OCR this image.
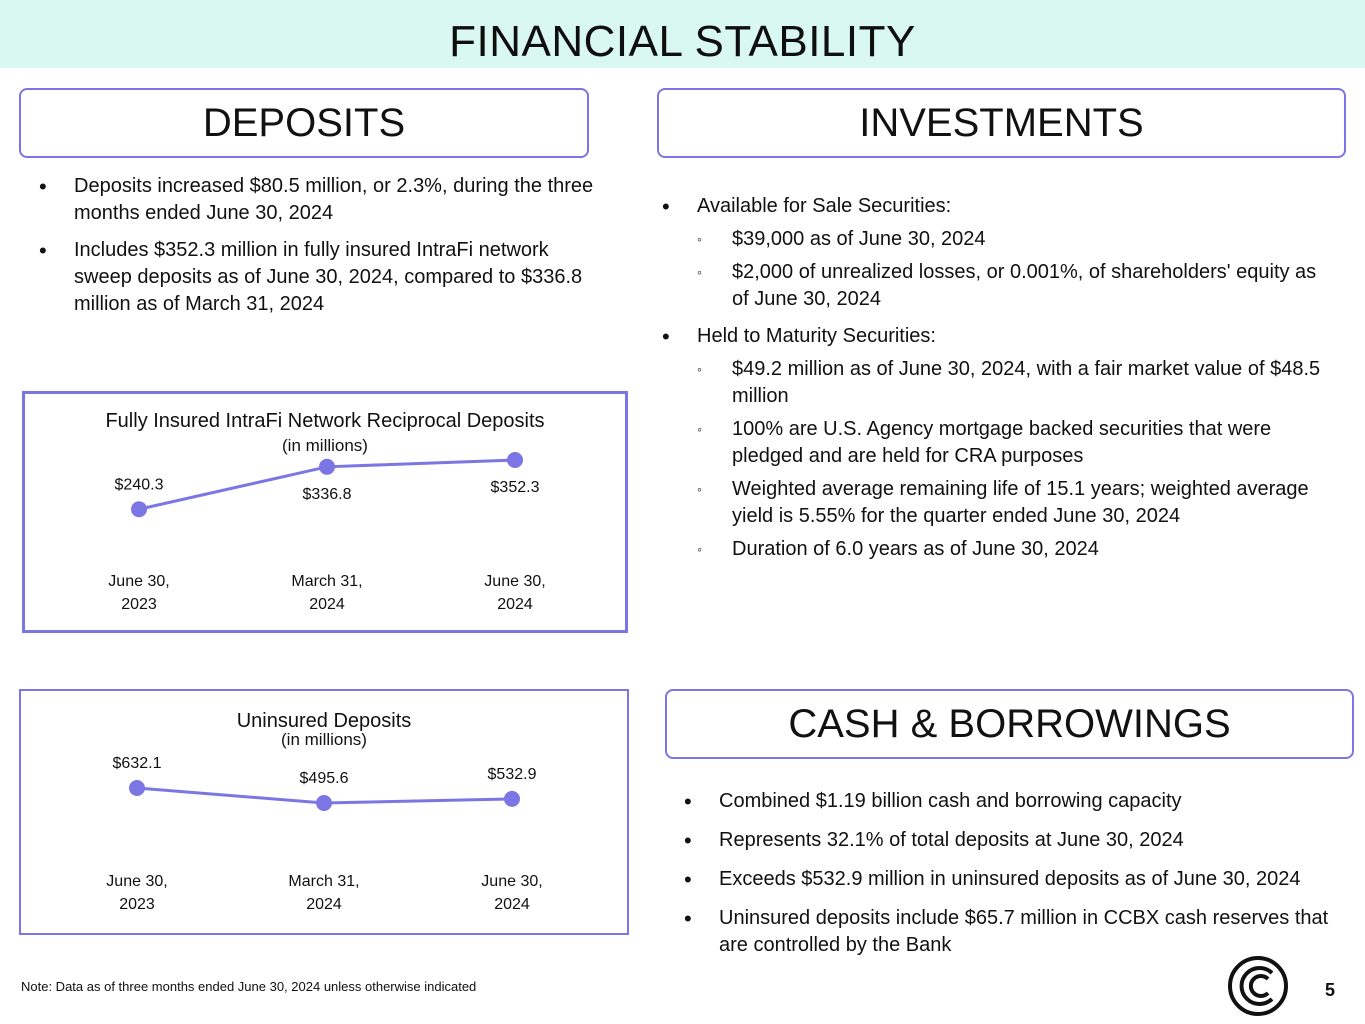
FINANCIAL STABILITY
DEPOSITS
• Deposits increased $80.5 million, or 2.3%, during the three months ended June 30, 2024
• Includes $352.3 million in fully insured IntraFi network sweep deposits as of June 30, 2024, compared to $336.8 million as of March 31, 2024
INVESTMENTS
• Available for Sale Securities:
◦ $39,000 as of June 30, 2024
◦ $2,000 of unrealized losses, or 0.001%, of shareholders' equity as of June 30, 2024
• Held to Maturity Securities:
◦ $49.2 million as of June 30, 2024, with a fair market value of $48.5 million
◦ 100% are U.S. Agency mortgage backed securities that were pledged and are held for CRA purposes
◦ Weighted average remaining life of 15.1 years; weighted average yield is 5.55% for the quarter ended June 30, 2024
◦ Duration of 6.0 years as of June 30, 2024
Fully Insured IntraFi Network Reciprocal Deposits
(in millions)
$240.3
June 30,
2023
$336.8
March 31,
2024
$352.3
June 30,
2024
Uninsured Deposits
(in millions)
$632.1
June 30,
2023
$495.6
March 31,
2024
$532.9
June 30,
2024
CASH & BORROWINGS
• Combined $1.19 billion cash and borrowing capacity
• Represents 32.1% of total deposits at June 30, 2024
• Exceeds $532.9 million in uninsured deposits as of June 30, 2024
• Uninsured deposits include $65.7 million in CCBX cash reserves that are controlled by the Bank
Note: Data as of three months ended June 30, 2024 unless otherwise indicated	5
